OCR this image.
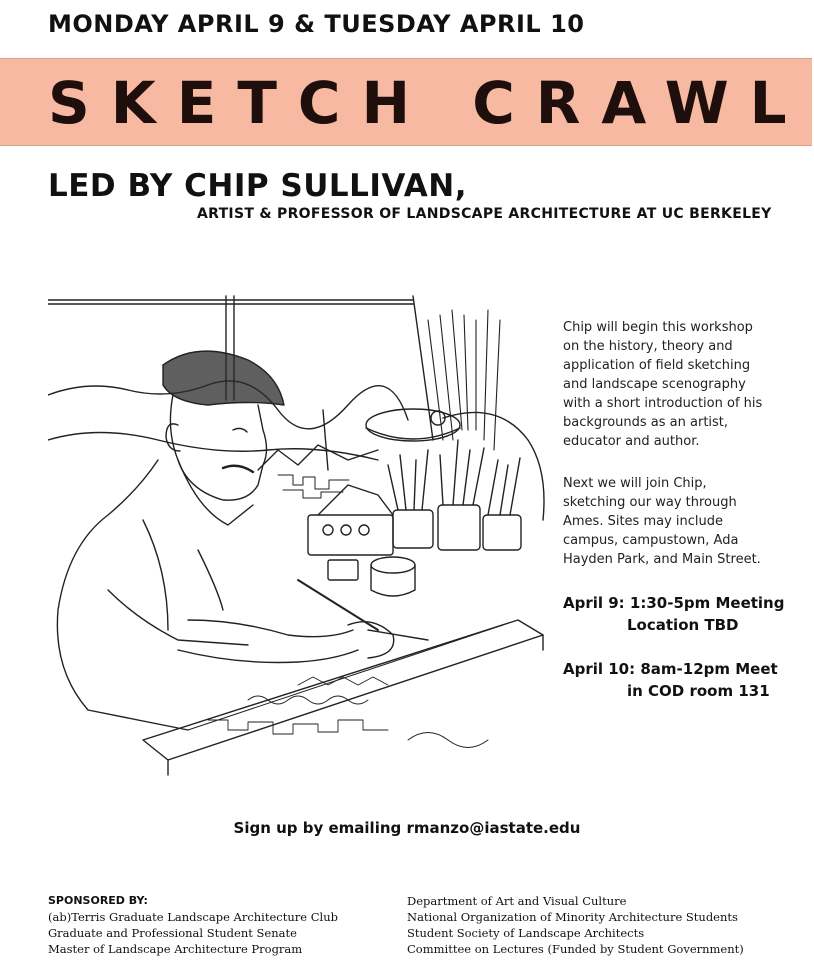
MONDAY APRIL 9 & TUESDAY APRIL 10
SKETCH CRAWL
LED BY CHIP SULLIVAN,
ARTIST & PROFESSOR OF LANDSCAPE ARCHITECTURE AT UC BERKELEY
Chip will begin this workshop on the history, theory and application of field sketching and landscape scenography with a short introduction of his backgrounds as an artist, educator and author.
Next we will join Chip, sketching our way through Ames. Sites may include campus, campustown, Ada Hayden Park, and Main Street.
April 9: 1:30-5pm Meeting
Location TBD
April 10: 8am-12pm Meet
in COD room 131
Sign up by emailing rmanzo@iastate.edu
SPONSORED BY:
(ab)Terris Graduate Landscape Architecture Club
Graduate and Professional Student Senate
Master of Landscape Architecture Program
Department of Art and Visual Culture
National Organization of Minority Architecture Students
Student Society of Landscape Architects
Committee on Lectures (Funded by Student Government)
